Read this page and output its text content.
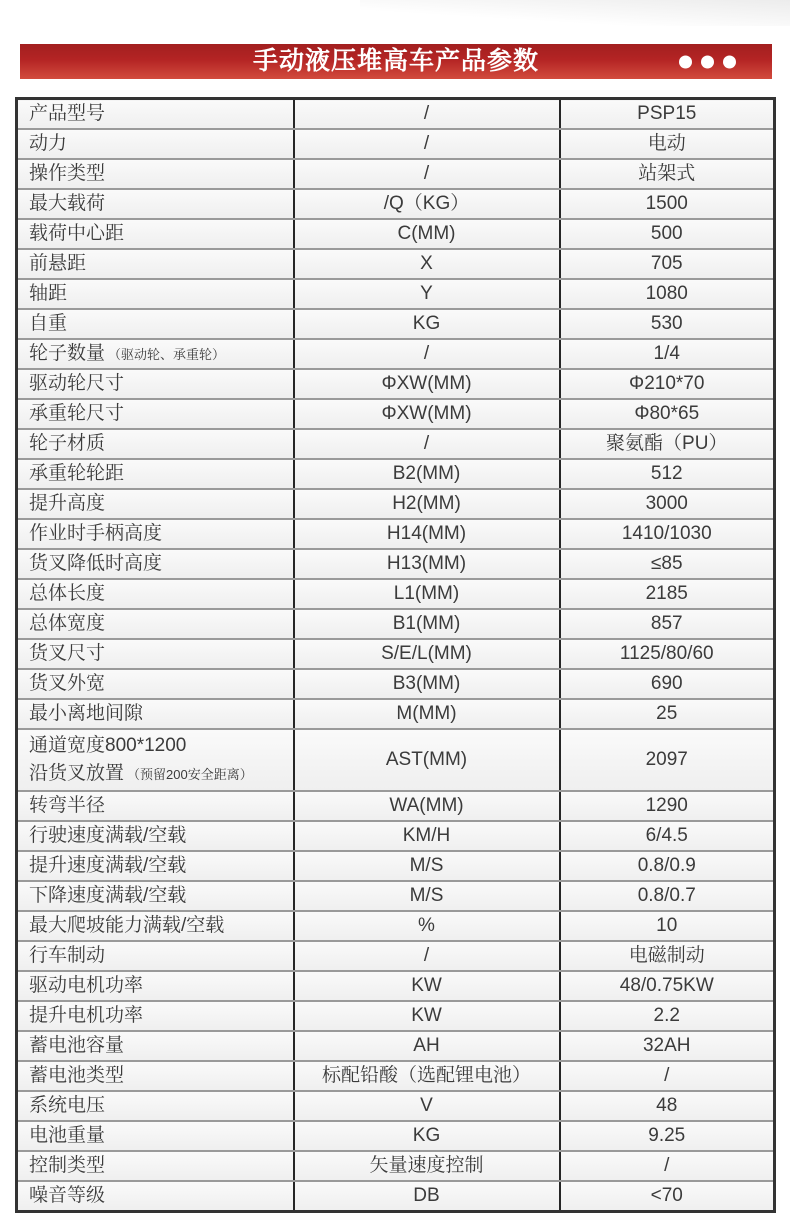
手动液压堆高车产品参数
产品型号	/	PSP15

动力	/	电动

操作类型	/	站架式

最大载荷	/Q（KG）	1500

载荷中心距	C(MM)	500

前悬距	X	705

轴距	Y	1080

自重	KG	530

轮子数量 （驱动轮、承重轮）	/	1/4

驱动轮尺寸	ΦXW(MM)	Φ210*70

承重轮尺寸	ΦXW(MM)	Φ80*65

轮子材质	/	聚氨酯（PU）

承重轮轮距	B2(MM)	512

提升高度	H2(MM)	3000

作业时手柄高度	H14(MM)	1410/1030

货叉降低时高度	H13(MM)	≤85

总体长度	L1(MM)	2185

总体宽度	B1(MM)	857

货叉尺寸	S/E/L(MM)	1125/80/60

货叉外宽	B3(MM)	690

最小离地间隙	M(MM)	25

通道宽度800*1200
沿货叉放置 （预留200安全距离）	AST(MM)	2097

转弯半径	WA(MM)	1290

行驶速度满载/空载	KM/H	6/4.5

提升速度满载/空载	M/S	0.8/0.9

下降速度满载/空载	M/S	0.8/0.7

最大爬坡能力满载/空载	%	10

行车制动	/	电磁制动

驱动电机功率	KW	48/0.75KW

提升电机功率	KW	2.2

蓄电池容量	AH	32AH

蓄电池类型	标配铅酸（选配锂电池）	/

系统电压	V	48

电池重量	KG	9.25

控制类型	矢量速度控制	/

噪音等级	DB	<70
